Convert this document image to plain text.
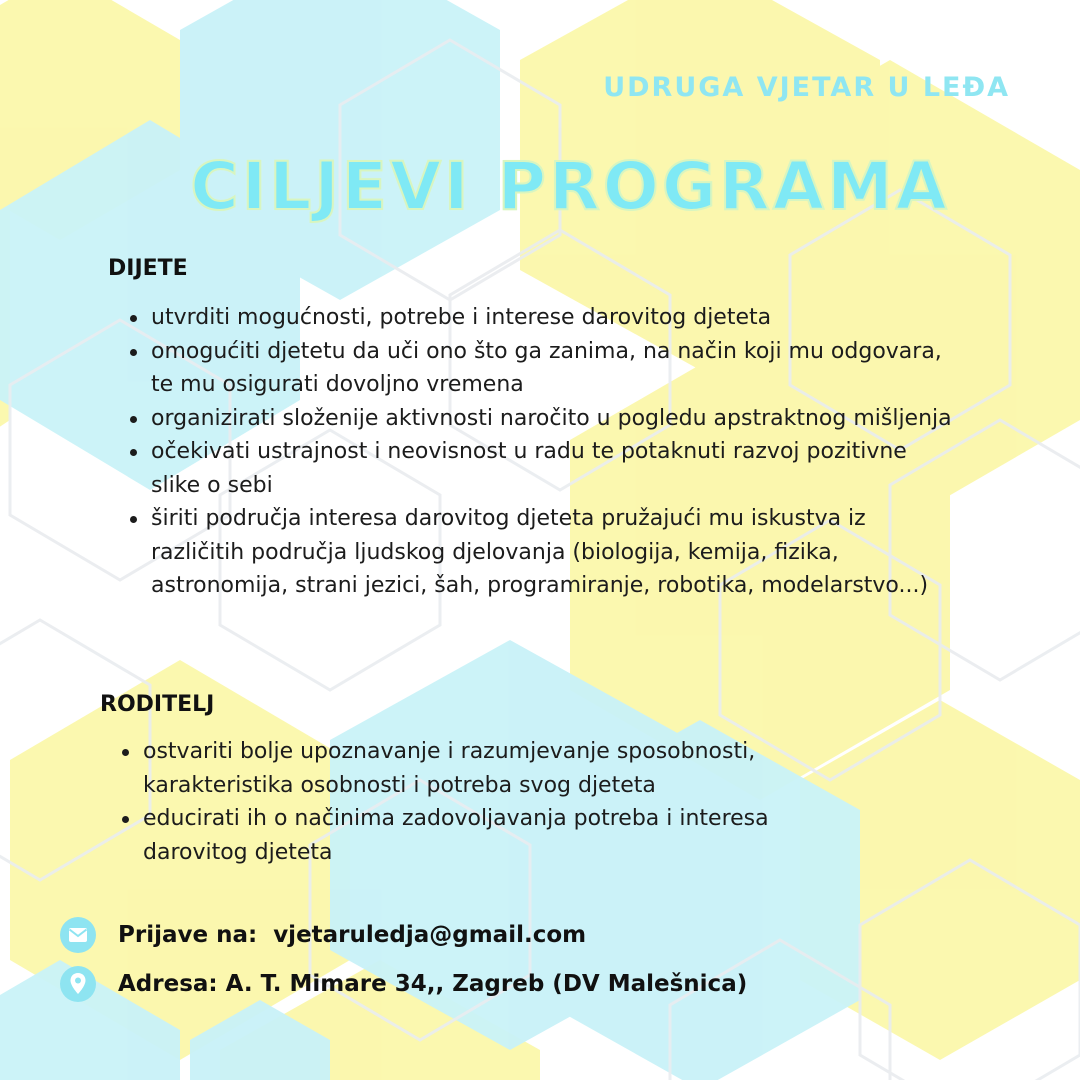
UDRUGA VJETAR U LEĐA
CILJEVI PROGRAMA
DIJETE
utvrditi mogućnosti, potrebe i interese darovitog djeteta
omogućiti djetetu da uči ono što ga zanima, na način koji mu odgovara, te mu osigurati dovoljno vremena
organizirati složenije aktivnosti naročito u pogledu apstraktnog mišljenja
očekivati ustrajnost i neovisnost u radu te potaknuti razvoj pozitivne slike o sebi
širiti područja interesa darovitog djeteta pružajući mu iskustva iz različitih područja ljudskog djelovanja (biologija, kemija, fizika, astronomija, strani jezici, šah, programiranje, robotika, modelarstvo...)
RODITELJ
ostvariti bolje upoznavanje i razumjevanje sposobnosti, karakteristika osobnosti i potreba svog djeteta
educirati ih o načinima zadovoljavanja potreba i interesa darovitog djeteta
Prijave na:  vjetaruledja@gmail.com
Adresa: A. T. Mimare 34,, Zagreb (DV Malešnica)
